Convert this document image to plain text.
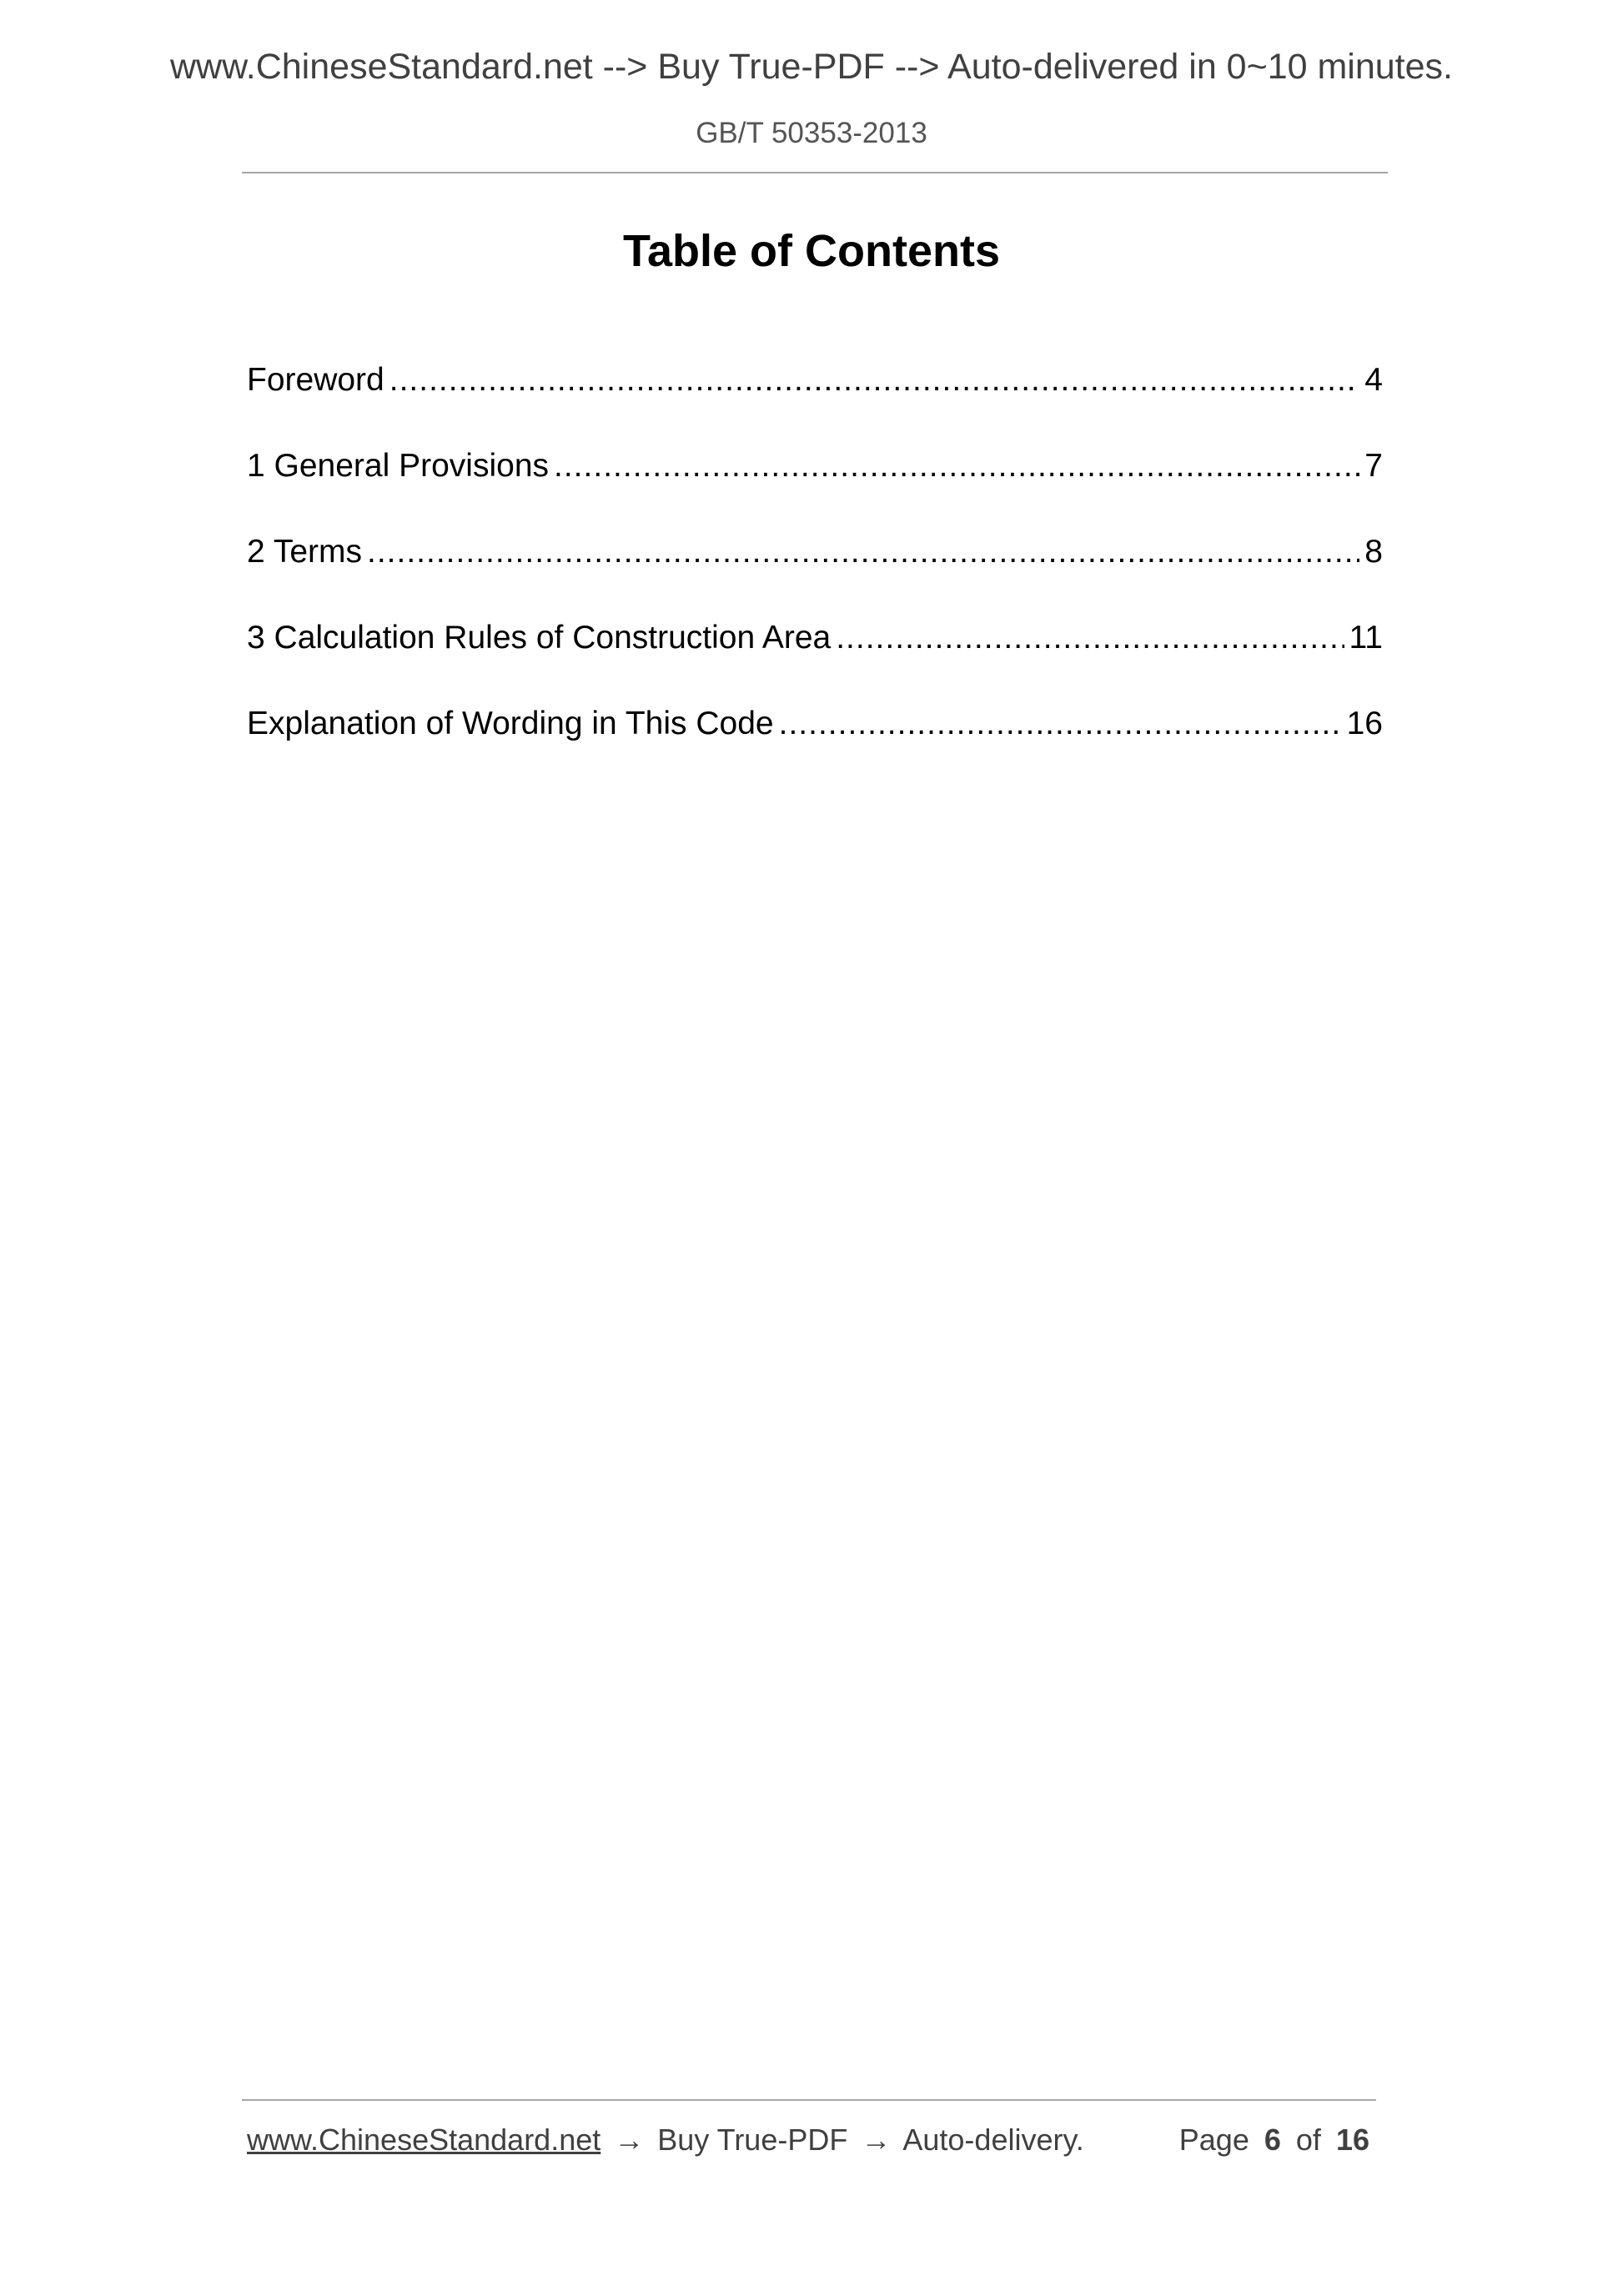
www.ChineseStandard.net --> Buy True-PDF --> Auto-delivered in 0~10 minutes.
GB/T 50353-2013
Table of Contents
Foreword .....	4
1 General Provisions .....	7
2 Terms .....	8
3 Calculation Rules of Construction Area .....	11
Explanation of Wording in This Code .....	16
www.ChineseStandard.net → Buy True-PDF → Auto-delivery.	Page 6 of 16
